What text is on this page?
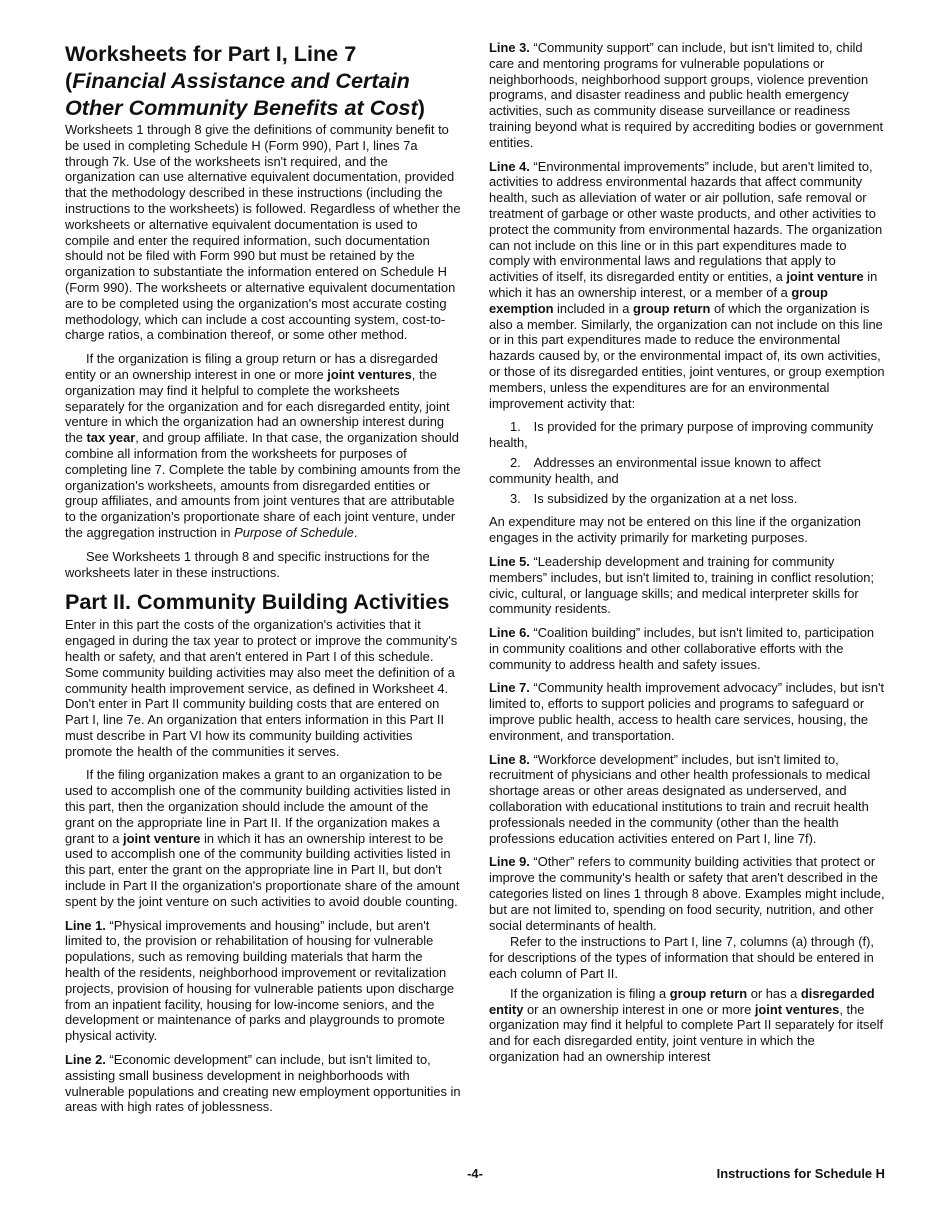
Worksheets for Part I, Line 7
(Financial Assistance and Certain Other Community Benefits at Cost)

Worksheets 1 through 8 give the definitions of community benefit to be used in completing Schedule H (Form 990), Part I, lines 7a through 7k. Use of the worksheets isn't required, and the organization can use alternative equivalent documentation, provided that the methodology described in these instructions (including the instructions to the worksheets) is followed. Regardless of whether the worksheets or alternative equivalent documentation is used to compile and enter the required information, such documentation should not be filed with Form 990 but must be retained by the organization to substantiate the information entered on Schedule H (Form 990). The worksheets or alternative equivalent documentation are to be completed using the organization's most accurate costing methodology, which can include a cost accounting system, cost-to-charge ratios, a combination thereof, or some other method.

If the organization is filing a group return or has a disregarded entity or an ownership interest in one or more joint ventures, the organization may find it helpful to complete the worksheets separately for the organization and for each disregarded entity, joint venture in which the organization had an ownership interest during the tax year, and group affiliate. In that case, the organization should combine all information from the worksheets for purposes of completing line 7. Complete the table by combining amounts from the organization's worksheets, amounts from disregarded entities or group affiliates, and amounts from joint ventures that are attributable to the organization's proportionate share of each joint venture, under the aggregation instruction in Purpose of Schedule.

See Worksheets 1 through 8 and specific instructions for the worksheets later in these instructions.

Part II. Community Building Activities

Enter in this part the costs of the organization's activities that it engaged in during the tax year to protect or improve the community's health or safety, and that aren't entered in Part I of this schedule. Some community building activities may also meet the definition of a community health improvement service, as defined in Worksheet 4. Don't enter in Part II community building costs that are entered on Part I, line 7e. An organization that enters information in this Part II must describe in Part VI how its community building activities promote the health of the communities it serves.

If the filing organization makes a grant to an organization to be used to accomplish one of the community building activities listed in this part, then the organization should include the amount of the grant on the appropriate line in Part II. If the organization makes a grant to a joint venture in which it has an ownership interest to be used to accomplish one of the community building activities listed in this part, enter the grant on the appropriate line in Part II, but don't include in Part II the organization's proportionate share of the amount spent by the joint venture on such activities to avoid double counting.

Line 1. “Physical improvements and housing” include, but aren't limited to, the provision or rehabilitation of housing for vulnerable populations, such as removing building materials that harm the health of the residents, neighborhood improvement or revitalization projects, provision of housing for vulnerable patients upon discharge from an inpatient facility, housing for low-income seniors, and the development or maintenance of parks and playgrounds to promote physical activity.

Line 2. “Economic development” can include, but isn't limited to, assisting small business development in neighborhoods with vulnerable populations and creating new employment opportunities in areas with high rates of joblessness.

Line 3. “Community support” can include, but isn't limited to, child care and mentoring programs for vulnerable populations or neighborhoods, neighborhood support groups, violence prevention programs, and disaster readiness and public health emergency activities, such as community disease surveillance or readiness training beyond what is required by accrediting bodies or government entities.

Line 4. “Environmental improvements” include, but aren't limited to, activities to address environmental hazards that affect community health, such as alleviation of water or air pollution, safe removal or treatment of garbage or other waste products, and other activities to protect the community from environmental hazards. The organization can not include on this line or in this part expenditures made to comply with environmental laws and regulations that apply to activities of itself, its disregarded entity or entities, a joint venture in which it has an ownership interest, or a member of a group exemption included in a group return of which the organization is also a member. Similarly, the organization can not include on this line or in this part expenditures made to reduce the environmental hazards caused by, or the environmental impact of, its own activities, or those of its disregarded entities, joint ventures, or group exemption members, unless the expenditures are for an environmental improvement activity that:

1. Is provided for the primary purpose of improving community health,

2. Addresses an environmental issue known to affect community health, and

3. Is subsidized by the organization at a net loss.

An expenditure may not be entered on this line if the organization engages in the activity primarily for marketing purposes.

Line 5. “Leadership development and training for community members” includes, but isn't limited to, training in conflict resolution; civic, cultural, or language skills; and medical interpreter skills for community residents.

Line 6. “Coalition building” includes, but isn't limited to, participation in community coalitions and other collaborative efforts with the community to address health and safety issues.

Line 7. “Community health improvement advocacy” includes, but isn't limited to, efforts to support policies and programs to safeguard or improve public health, access to health care services, housing, the environment, and transportation.

Line 8. “Workforce development” includes, but isn't limited to, recruitment of physicians and other health professionals to medical shortage areas or other areas designated as underserved, and collaboration with educational institutions to train and recruit health professionals needed in the community (other than the health professions education activities entered on Part I, line 7f).

Line 9. “Other” refers to community building activities that protect or improve the community's health or safety that aren't described in the categories listed on lines 1 through 8 above. Examples might include, but are not limited to, spending on food security, nutrition, and other social determinants of health.

Refer to the instructions to Part I, line 7, columns (a) through (f), for descriptions of the types of information that should be entered in each column of Part II.

If the organization is filing a group return or has a disregarded entity or an ownership interest in one or more joint ventures, the organization may find it helpful to complete Part II separately for itself and for each disregarded entity, joint venture in which the organization had an ownership interest

-4-	Instructions for Schedule H
